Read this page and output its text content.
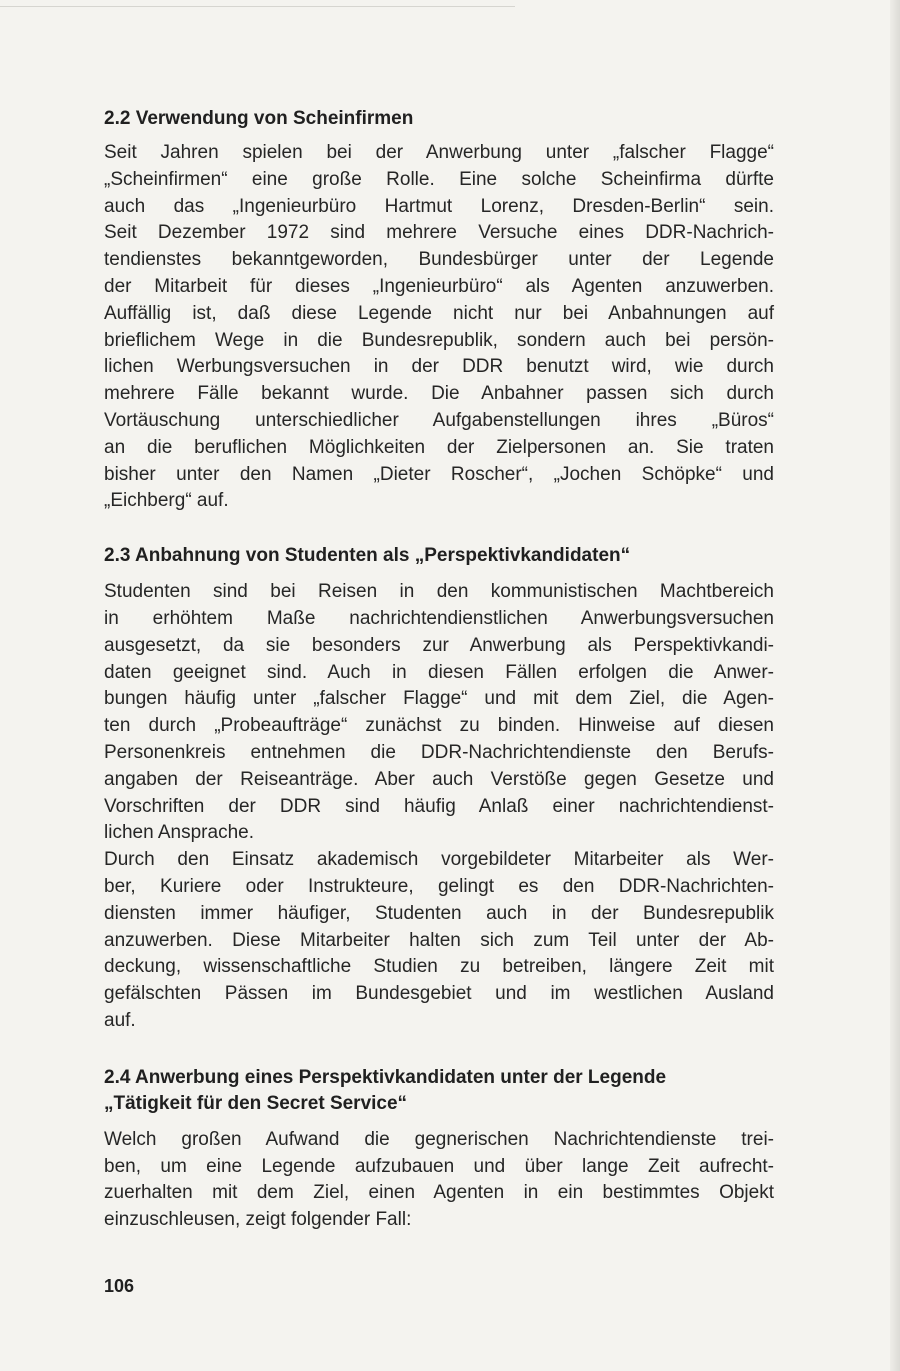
2.2 Verwendung von Scheinfirmen

Seit Jahren spielen bei der Anwerbung unter „falscher Flagge“
„Scheinfirmen“ eine große Rolle. Eine solche Scheinfirma dürfte
auch das „Ingenieurbüro Hartmut Lorenz, Dresden-Berlin“ sein.
Seit Dezember 1972 sind mehrere Versuche eines DDR-Nachrich-
tendienstes bekanntgeworden, Bundesbürger unter der Legende
der Mitarbeit für dieses „Ingenieurbüro“ als Agenten anzuwerben.
Auffällig ist, daß diese Legende nicht nur bei Anbahnungen auf
brieflichem Wege in die Bundesrepublik, sondern auch bei persön-
lichen Werbungsversuchen in der DDR benutzt wird, wie durch
mehrere Fälle bekannt wurde. Die Anbahner passen sich durch
Vortäuschung unterschiedlicher Aufgabenstellungen ihres „Büros“
an die beruflichen Möglichkeiten der Zielpersonen an. Sie traten
bisher unter den Namen „Dieter Roscher“, „Jochen Schöpke“ und
„Eichberg“ auf.

2.3 Anbahnung von Studenten als „Perspektivkandidaten“

Studenten sind bei Reisen in den kommunistischen Machtbereich
in erhöhtem Maße nachrichtendienstlichen Anwerbungsversuchen
ausgesetzt, da sie besonders zur Anwerbung als Perspektivkandi-
daten geeignet sind. Auch in diesen Fällen erfolgen die Anwer-
bungen häufig unter „falscher Flagge“ und mit dem Ziel, die Agen-
ten durch „Probeaufträge“ zunächst zu binden. Hinweise auf diesen
Personenkreis entnehmen die DDR-Nachrichtendienste den Berufs-
angaben der Reiseanträge. Aber auch Verstöße gegen Gesetze und
Vorschriften der DDR sind häufig Anlaß einer nachrichtendienst-
lichen Ansprache.
Durch den Einsatz akademisch vorgebildeter Mitarbeiter als Wer-
ber, Kuriere oder Instrukteure, gelingt es den DDR-Nachrichten-
diensten immer häufiger, Studenten auch in der Bundesrepublik
anzuwerben. Diese Mitarbeiter halten sich zum Teil unter der Ab-
deckung, wissenschaftliche Studien zu betreiben, längere Zeit mit
gefälschten Pässen im Bundesgebiet und im westlichen Ausland
auf.

2.4 Anwerbung eines Perspektivkandidaten unter der Legende
„Tätigkeit für den Secret Service“

Welch großen Aufwand die gegnerischen Nachrichtendienste trei-
ben, um eine Legende aufzubauen und über lange Zeit aufrecht-
zuerhalten mit dem Ziel, einen Agenten in ein bestimmtes Objekt
einzuschleusen, zeigt folgender Fall:

106
